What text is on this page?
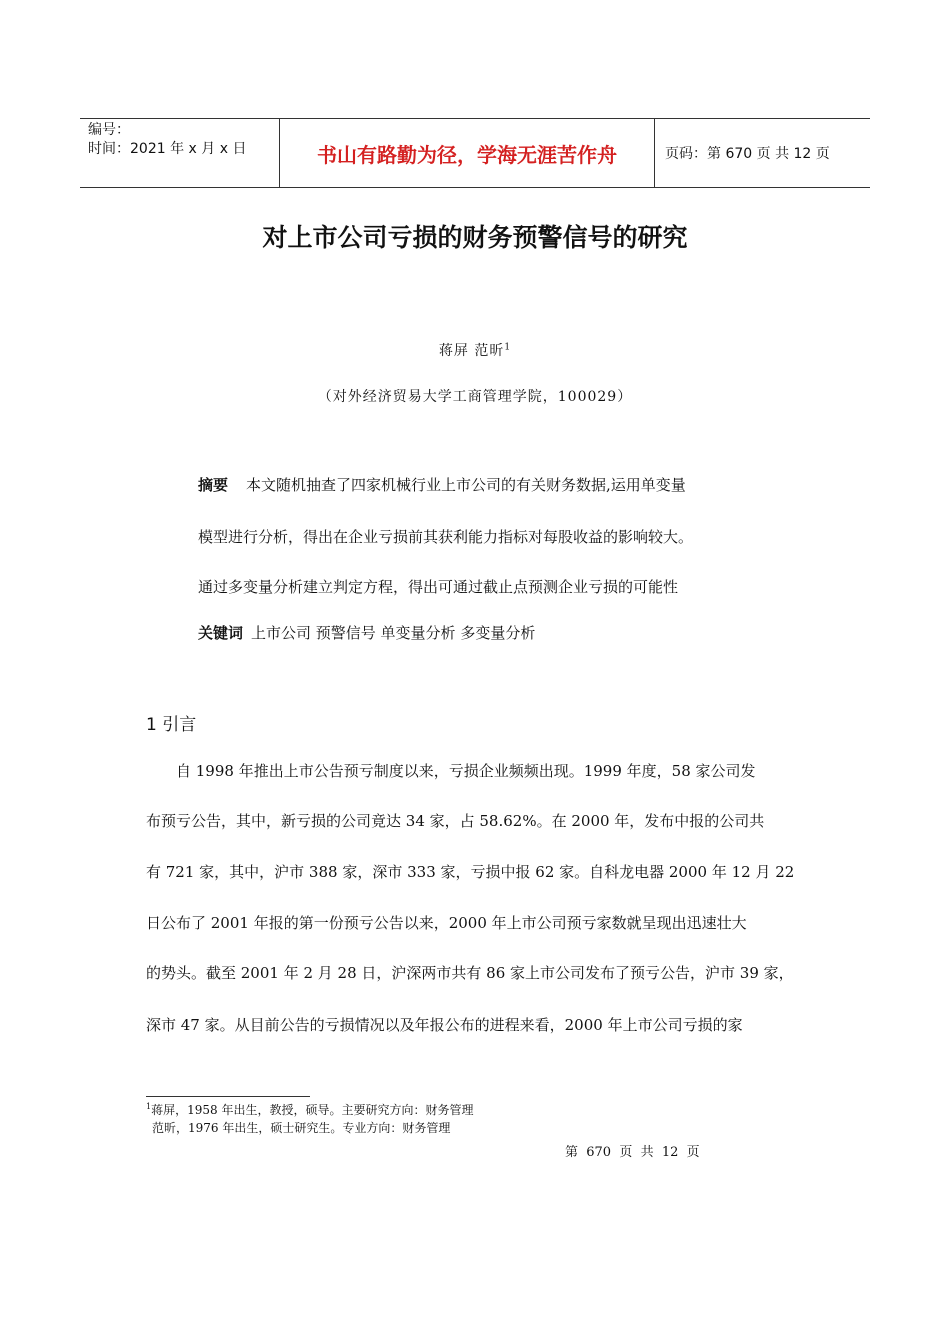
编号：
时间：2021 年 x 月 x 日	书山有路勤为径，学海无涯苦作舟	页码：第 670 页 共 12 页
对上市公司亏损的财务预警信号的研究
蒋屏 范昕$^1$
（对外经济贸易大学工商管理学院，100029）
摘要 本文随机抽查了四家机械行业上市公司的有关财务数据,运用单变量
模型进行分析，得出在企业亏损前其获利能力指标对每股收益的影响较大。
通过多变量分析建立判定方程，得出可通过截止点预测企业亏损的可能性
关键词 上市公司 预警信号 单变量分析 多变量分析
1 引言
自 1998 年推出上市公告预亏制度以来，亏损企业频频出现。1999 年度，58 家公司发
布预亏公告，其中，新亏损的公司竟达 34 家，占 58.62%。在 2000 年，发布中报的公司共
有 721 家，其中，沪市 388 家，深市 333 家，亏损中报 62 家。自科龙电器 2000 年 12 月 22
日公布了 2001 年报的第一份预亏公告以来，2000 年上市公司预亏家数就呈现出迅速壮大
的势头。截至 2001 年 2 月 28 日，沪深两市共有 86 家上市公司发布了预亏公告，沪市 39 家，
深市 47 家。从目前公告的亏损情况以及年报公布的进程来看，2000 年上市公司亏损的家
$^1$蒋屏，1958 年出生，教授，硕导。主要研究方向：财务管理
范昕，1976 年出生，硕士研究生。专业方向：财务管理
第  670  页  共  12  页
